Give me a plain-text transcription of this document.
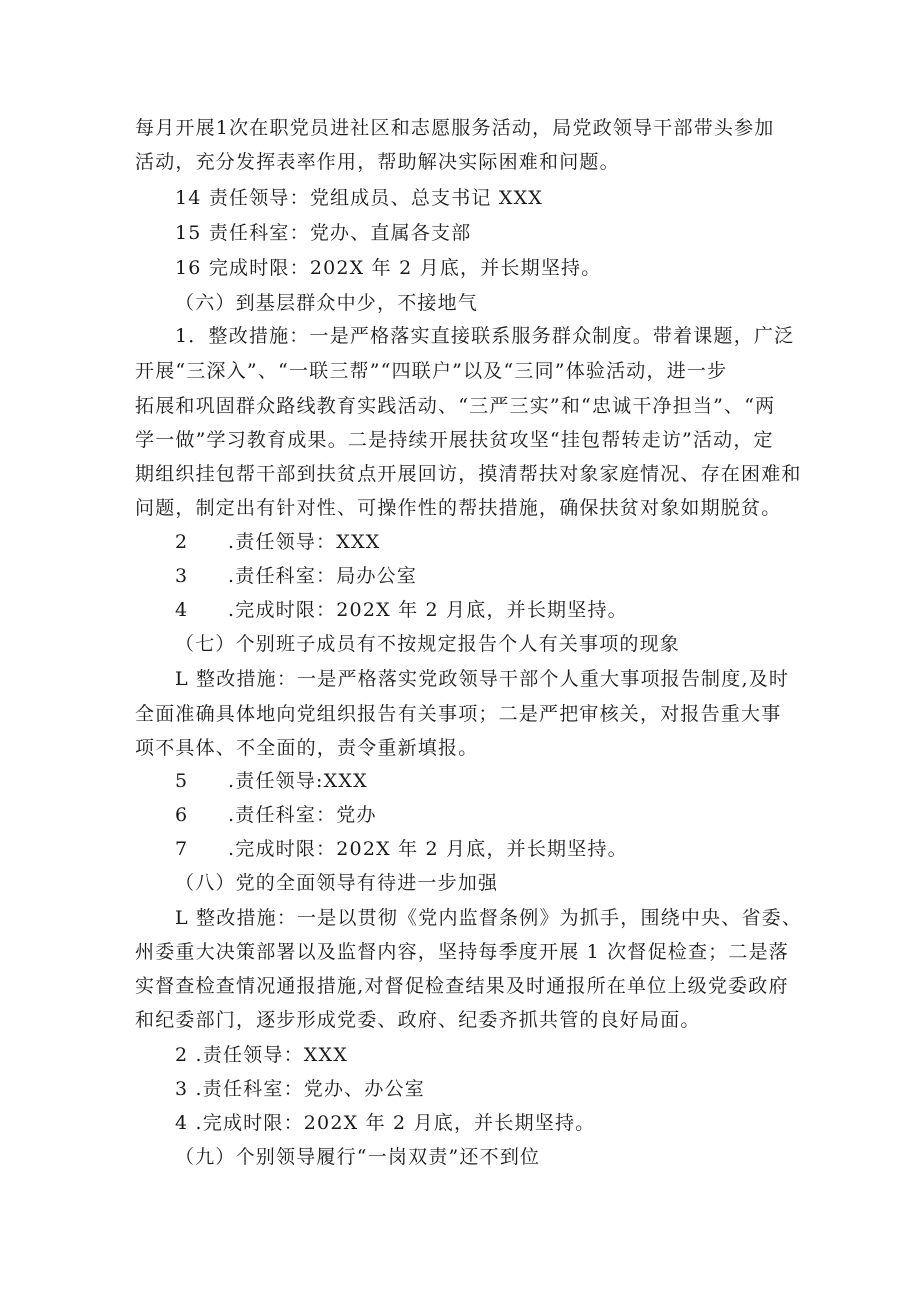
每月开展1次在职党员进社区和志愿服务活动，局党政领导干部带头参加
活动，充分发挥表率作用，帮助解决实际困难和问题。
14 责任领导：党组成员、总支书记 XXX
15 责任科室：党办、直属各支部
16 完成时限：202X 年 2 月底，并长期坚持。
（六）到基层群众中少，不接地气
1．整改措施：一是严格落实直接联系服务群众制度。带着课题，广泛
开展“三深入”、“一联三帮”“四联户”以及“三同”体验活动，进一步
拓展和巩固群众路线教育实践活动、“三严三实”和“忠诚干净担当”、“两
学一做”学习教育成果。二是持续开展扶贫攻坚“挂包帮转走访”活动，定
期组织挂包帮干部到扶贫点开展回访，摸清帮扶对象家庭情况、存在困难和
问题，制定出有针对性、可操作性的帮扶措施，确保扶贫对象如期脱贫。
2 .责任领导：XXX
3 .责任科室：局办公室
4 .完成时限：202X 年 2 月底，并长期坚持。
（七）个别班子成员有不按规定报告个人有关事项的现象
L 整改措施：一是严格落实党政领导干部个人重大事项报告制度,及时
全面准确具体地向党组织报告有关事项；二是严把审核关，对报告重大事
项不具体、不全面的，责令重新填报。
5 .责任领导:XXX
6 .责任科室：党办
7 .完成时限：202X 年 2 月底，并长期坚持。
（八）党的全面领导有待进一步加强
L 整改措施：一是以贯彻《党内监督条例》为抓手，围绕中央、省委、
州委重大决策部署以及监督内容，坚持每季度开展 1 次督促检查；二是落
实督查检查情况通报措施,对督促检查结果及时通报所在单位上级党委政府
和纪委部门，逐步形成党委、政府、纪委齐抓共管的良好局面。
2 .责任领导：XXX
3 .责任科室：党办、办公室
4 .完成时限：202X 年 2 月底，并长期坚持。
（九）个别领导履行“一岗双责”还不到位
